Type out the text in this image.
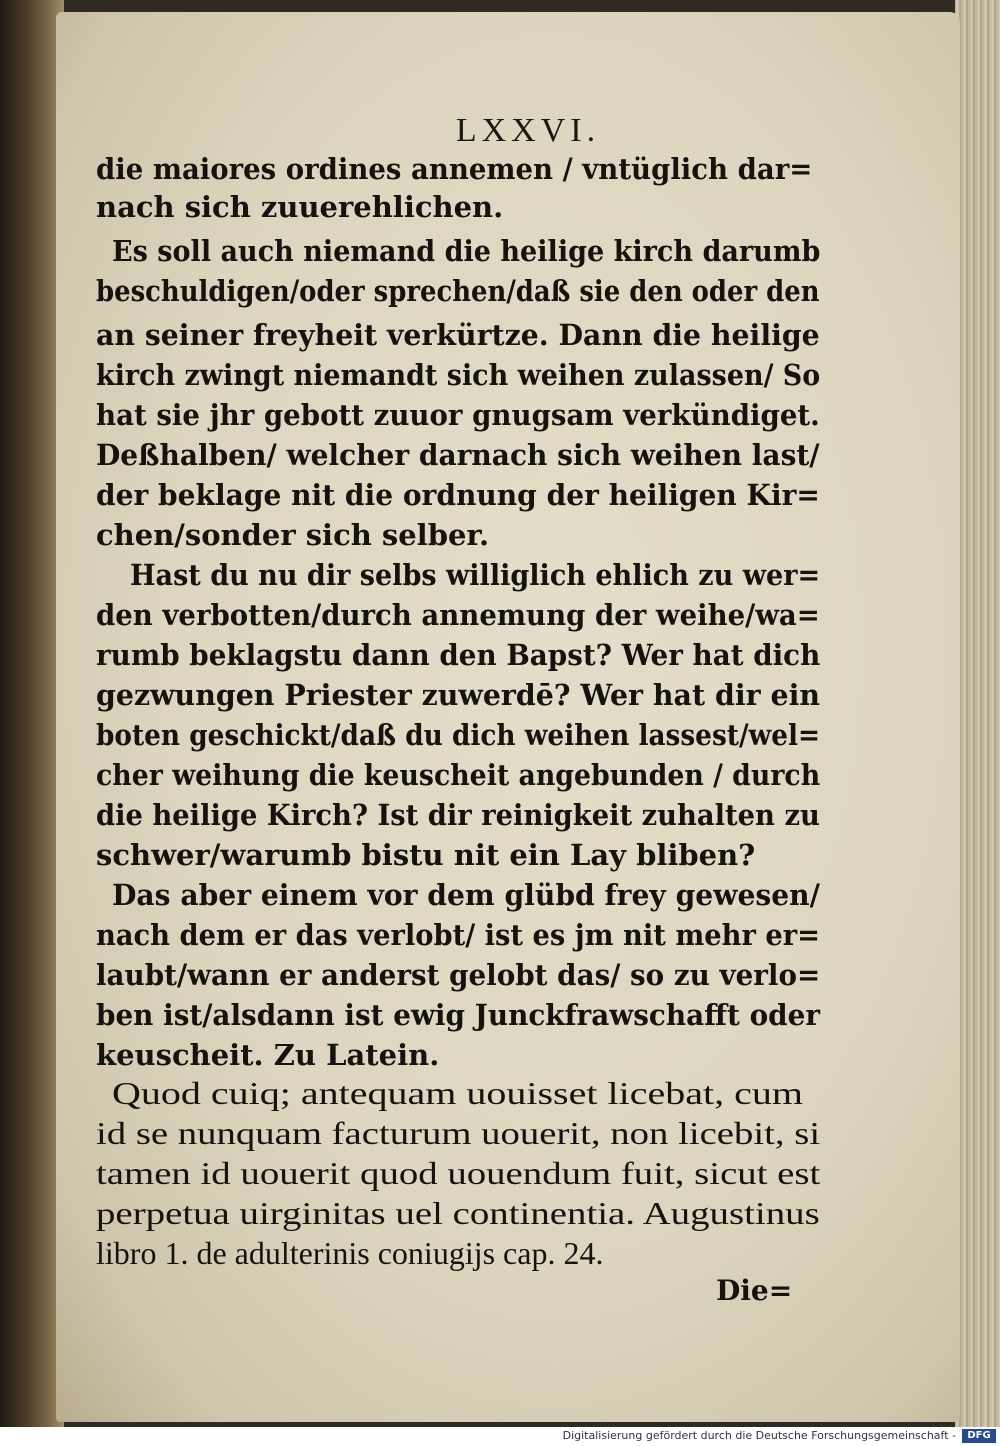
LXXVI.
die maiores ordines annemen / vntüglich dar=
nach sich zuuerehlichen.
Es soll auch niemand die heilige kirch darumb
beschuldigen/oder sprechen/daß sie den oder den
an seiner freyheit verkürtze. Dann die heilige
kirch zwingt niemandt sich weihen zulassen/ So
hat sie jhr gebott zuuor gnugsam verkündiget.
Deßhalben/ welcher darnach sich weihen last/
der beklage nit die ordnung der heiligen Kir=
chen/sonder sich selber.
Hast du nu dir selbs williglich ehlich zu wer=
den verbotten/durch annemung der weihe/wa=
rumb beklagstu dann den Bapst? Wer hat dich
gezwungen Priester zuwerdē? Wer hat dir ein
boten geschickt/daß du dich weihen lassest/wel=
cher weihung die keuscheit angebunden / durch
die heilige Kirch? Ist dir reinigkeit zuhalten zu
schwer/warumb bistu nit ein Lay bliben?
Das aber einem vor dem glübd frey gewesen/
nach dem er das verlobt/ ist es jm nit mehr er=
laubt/wann er anderst gelobt das/ so zu verlo=
ben ist/alsdann ist ewig Junckfrawschafft oder
keuscheit. Zu Latein.
Quod cuiq; antequam uouisset licebat, cum
id se nunquam facturum uouerit, non licebit, si
tamen id uouerit quod uouendum fuit, sicut est
perpetua uirginitas uel continentia. Augustinus
libro 1. de adulterinis coniugijs cap. 24.
Die=
Digitalisierung gefördert durch die Deutsche Forschungsgemeinschaft -	DFG
